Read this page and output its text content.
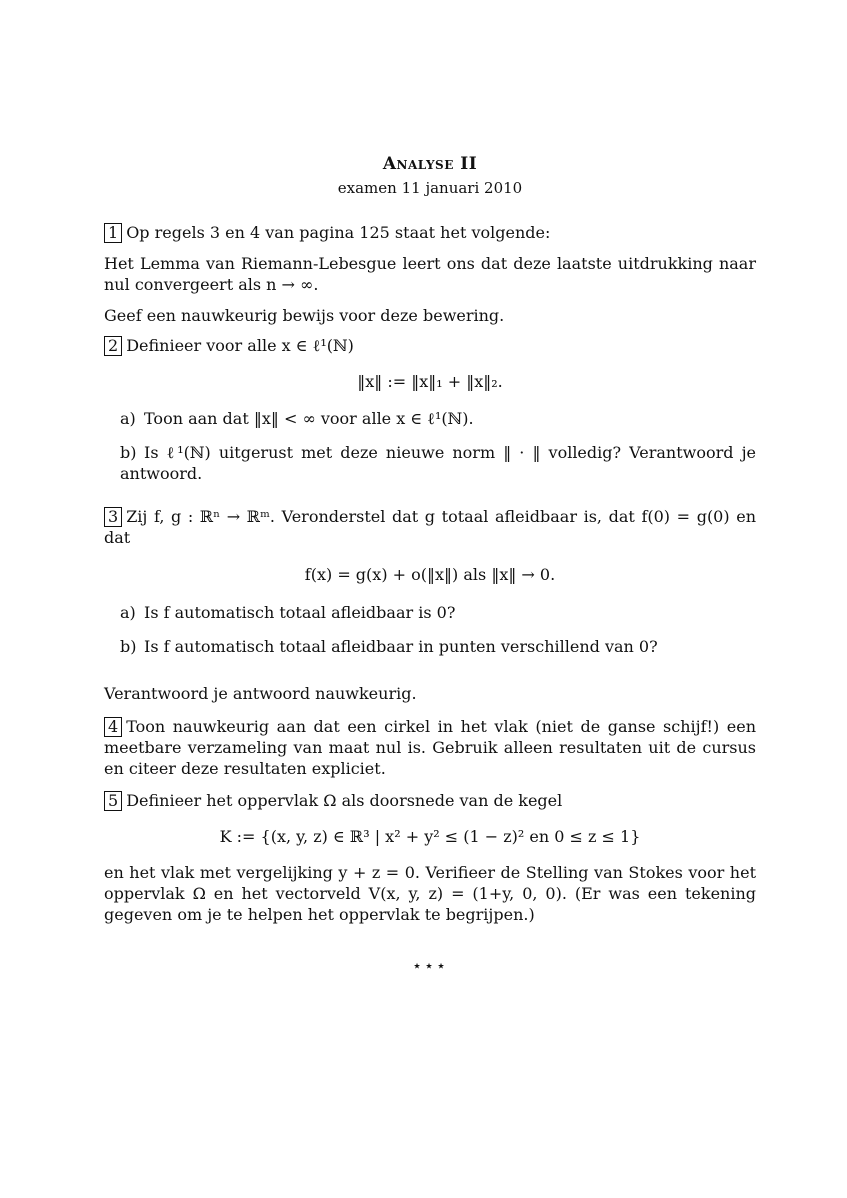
Analyse II
examen 11 januari 2010

1 Op regels 3 en 4 van pagina 125 staat het volgende:

Het Lemma van Riemann-Lebesgue leert ons dat deze laatste uitdrukking naar nul convergeert als n → ∞.

Geef een nauwkeurig bewijs voor deze bewering.

2 Definieer voor alle x ∈ ℓ¹(ℕ)

‖x‖ := ‖x‖₁ + ‖x‖₂.

a) Toon aan dat ‖x‖ < ∞ voor alle x ∈ ℓ¹(ℕ).

b) Is ℓ¹(ℕ) uitgerust met deze nieuwe norm ‖ · ‖ volledig? Verantwoord je antwoord.

3 Zij f, g : ℝⁿ → ℝᵐ. Veronderstel dat g totaal afleidbaar is, dat f(0) = g(0) en dat

f(x) = g(x) + o(‖x‖) als ‖x‖ → 0.

a) Is f automatisch totaal afleidbaar is 0?

b) Is f automatisch totaal afleidbaar in punten verschillend van 0?

Verantwoord je antwoord nauwkeurig.

4 Toon nauwkeurig aan dat een cirkel in het vlak (niet de ganse schijf!) een meetbare verzameling van maat nul is. Gebruik alleen resultaten uit de cursus en citeer deze resultaten expliciet.

5 Definieer het oppervlak Ω als doorsnede van de kegel

K := {(x, y, z) ∈ ℝ³ | x² + y² ≤ (1 − z)² en 0 ≤ z ≤ 1}

en het vlak met vergelijking y + z = 0. Verifieer de Stelling van Stokes voor het oppervlak Ω en het vectorveld V(x, y, z) = (1+y, 0, 0). (Er was een tekening gegeven om je te helpen het oppervlak te begrijpen.)

⋆⋆⋆
